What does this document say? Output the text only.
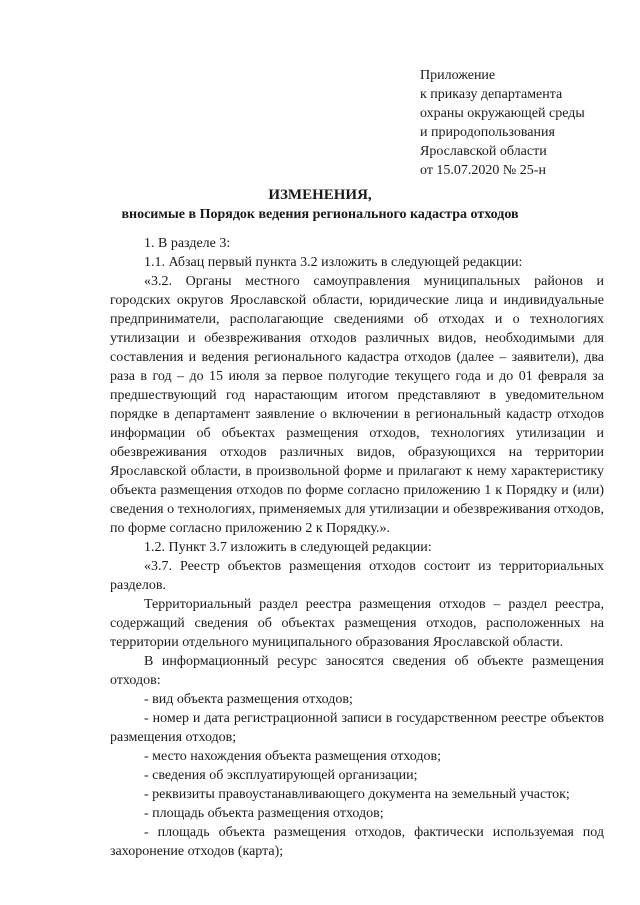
Приложение
к приказу департамента
охраны окружающей среды
и природопользования
Ярославской области
от 15.07.2020 № 25-н
ИЗМЕНЕНИЯ,
вносимые в Порядок ведения регионального кадастра отходов

1. В разделе 3:

1.1. Абзац первый пункта 3.2 изложить в следующей редакции:

«3.2. Органы местного самоуправления муниципальных районов и городских округов Ярославской области, юридические лица и индивидуальные предприниматели, располагающие сведениями об отходах и о технологиях утилизации и обезвреживания отходов различных видов, необходимыми для составления и ведения регионального кадастра отходов (далее – заявители), два раза в год – до 15 июля за первое полугодие текущего года и до 01 февраля за предшествующий год нарастающим итогом представляют в уведомительном порядке в департамент заявление о включении в региональный кадастр отходов информации об объектах размещения отходов, технологиях утилизации и обезвреживания отходов различных видов, образующихся на территории Ярославской области, в произвольной форме и прилагают к нему характеристику объекта размещения отходов по форме согласно приложению 1 к Порядку и (или) сведения о технологиях, применяемых для утилизации и обезвреживания отходов, по форме согласно приложению 2 к Порядку.».

1.2. Пункт 3.7 изложить в следующей редакции:

«3.7. Реестр объектов размещения отходов состоит из территориальных разделов.

Территориальный раздел реестра размещения отходов – раздел реестра, содержащий сведения об объектах размещения отходов, расположенных на территории отдельного муниципального образования Ярославской области.

В информационный ресурс заносятся сведения об объекте размещения отходов:

- вид объекта размещения отходов;

- номер и дата регистрационной записи в государственном реестре объектов размещения отходов;

- место нахождения объекта размещения отходов;

- сведения об эксплуатирующей организации;

- реквизиты правоустанавливающего документа на земельный участок;

- площадь объекта размещения отходов;

- площадь объекта размещения отходов, фактически используемая под захоронение отходов (карта);
